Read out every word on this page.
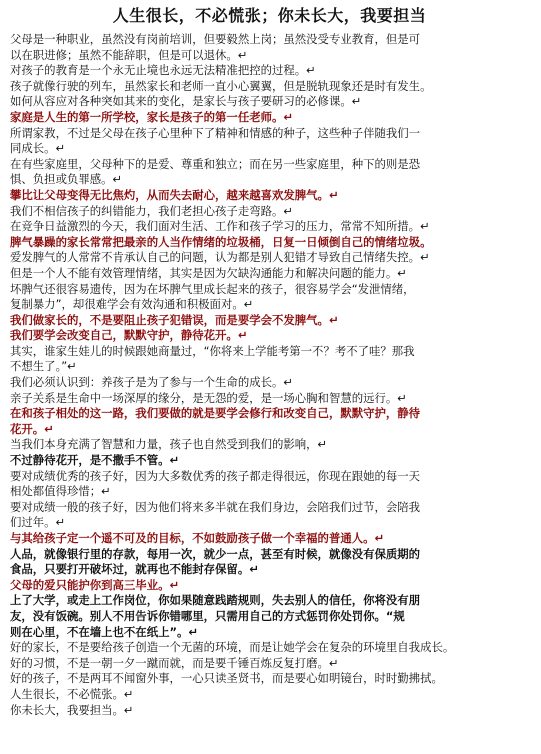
人生很长，不必慌张；你未长大，我要担当
父母是一种职业，虽然没有岗前培训，但要毅然上岗；虽然没受专业教育，但是可
以在职进修；虽然不能辞职，但是可以退休。↵
对孩子的教育是一个永无止境也永远无法精准把控的过程。↵
孩子就像行驶的列车，虽然家长和老师一直小心翼翼，但是脱轨现象还是时有发生。
如何从容应对各种突如其来的变化，是家长与孩子要研习的必修课。↵
家庭是人生的第一所学校，家长是孩子的第一任老师。↵
所谓家教，不过是父母在孩子心里种下了精神和情感的种子，这些种子伴随我们一
同成长。↵
在有些家庭里，父母种下的是爱、尊重和独立；而在另一些家庭里，种下的则是恐
惧、负担或负罪感。↵
攀比让父母变得无比焦灼，从而失去耐心，越来越喜欢发脾气。↵
我们不相信孩子的纠错能力，我们老担心孩子走弯路。↵
在竞争日益激烈的今天，我们面对生活、工作和孩子学习的压力，常常不知所措。↵
脾气暴躁的家长常常把最亲的人当作情绪的垃圾桶，日复一日倾倒自己的情绪垃圾。
爱发脾气的人常常不肯承认自己的问题，认为都是别人犯错才导致自己情绪失控。↵
但是一个人不能有效管理情绪，其实是因为欠缺沟通能力和解决问题的能力。↵
坏脾气还很容易遗传，因为在坏脾气里成长起来的孩子，很容易学会“发泄情绪，
复制暴力”，却很难学会有效沟通和积极面对。↵
我们做家长的，不是要阻止孩子犯错误，而是要学会不发脾气。↵
我们要学会改变自己，默默守护，静待花开。↵
其实，谁家生娃儿的时候跟她商量过，“你将来上学能考第一不？考不了哇？那我
不想生了。”↵
我们必须认识到：养孩子是为了参与一个生命的成长。↵
亲子关系是生命中一场深厚的缘分，是无怨的爱，是一场心胸和智慧的远行。↵
在和孩子相处的这一路，我们要做的就是要学会修行和改变自己，默默守护，静待
花开。↵
当我们本身充满了智慧和力量，孩子也自然受到我们的影响，↵
不过静待花开，是不撒手不管。↵
要对成绩优秀的孩子好，因为大多数优秀的孩子都走得很远，你现在跟她的每一天
相处都值得珍惜；↵
要对成绩一般的孩子好，因为他们将来多半就在我们身边，会陪我们过节，会陪我
们过年。↵
与其给孩子定一个遥不可及的目标，不如鼓励孩子做一个幸福的普通人。↵
人品，就像银行里的存款，每用一次，就少一点，甚至有时候，就像没有保质期的
食品，只要打开破坏过，就再也不能封存保留。↵
父母的爱只能护你到高三毕业。↵
上了大学，或走上工作岗位，你如果随意践踏规则，失去别人的信任，你将没有朋
友，没有饭碗。别人不用告诉你错哪里，只需用自己的方式惩罚你处罚你。“规
则在心里，不在墙上也不在纸上”。↵
好的家长，不是要给孩子创造一个无菌的环境，而是让她学会在复杂的环境里自我成长。
好的习惯，不是一朝一夕一蹴而就，而是要千锤百炼反复打磨。↵
好的孩子，不是两耳不闻窗外事，一心只读圣贤书，而是要心如明镜台，时时勤拂拭。
人生很长，不必慌张。↵
你未长大，我要担当。↵
